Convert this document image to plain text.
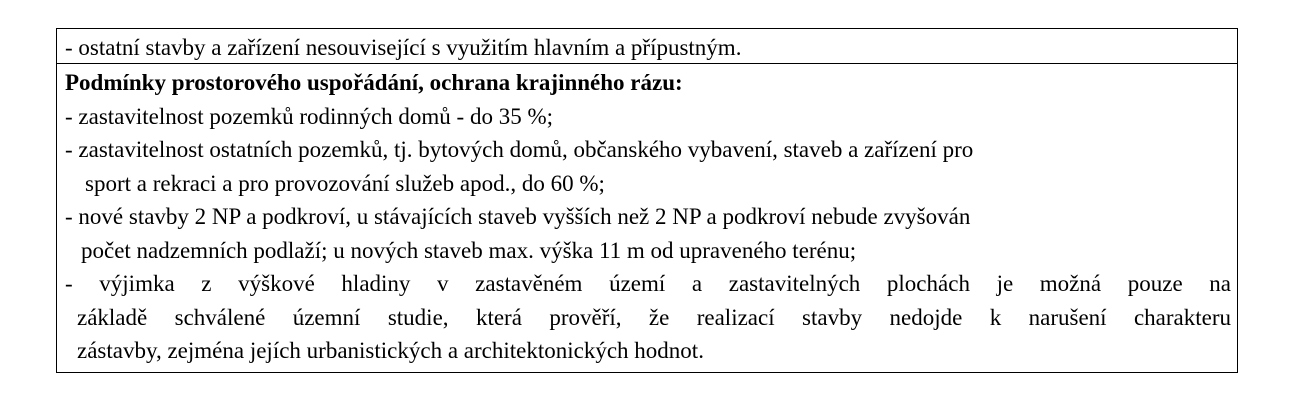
- ostatní stavby a zařízení nesouvisející s využitím hlavním a přípustným.
Podmínky prostorového uspořádání, ochrana krajinného rázu:
- zastavitelnost pozemků rodinných domů - do 35 %;
- zastavitelnost ostatních pozemků, tj. bytových domů, občanského vybavení, staveb a zařízení pro
sport a rekraci a pro provozování služeb apod., do 60 %;
- nové stavby 2 NP a podkroví, u stávajících staveb vyšších než 2 NP a podkroví nebude zvyšován
počet nadzemních podlaží; u nových staveb max. výška 11 m od upraveného terénu;
- výjimka z výškové hladiny v zastavěném území a zastavitelných plochách je možná pouze na
základě schválené územní studie, která prověří, že realizací stavby nedojde k narušení charakteru
zástavby, zejména jejích urbanistických a architektonických hodnot.
